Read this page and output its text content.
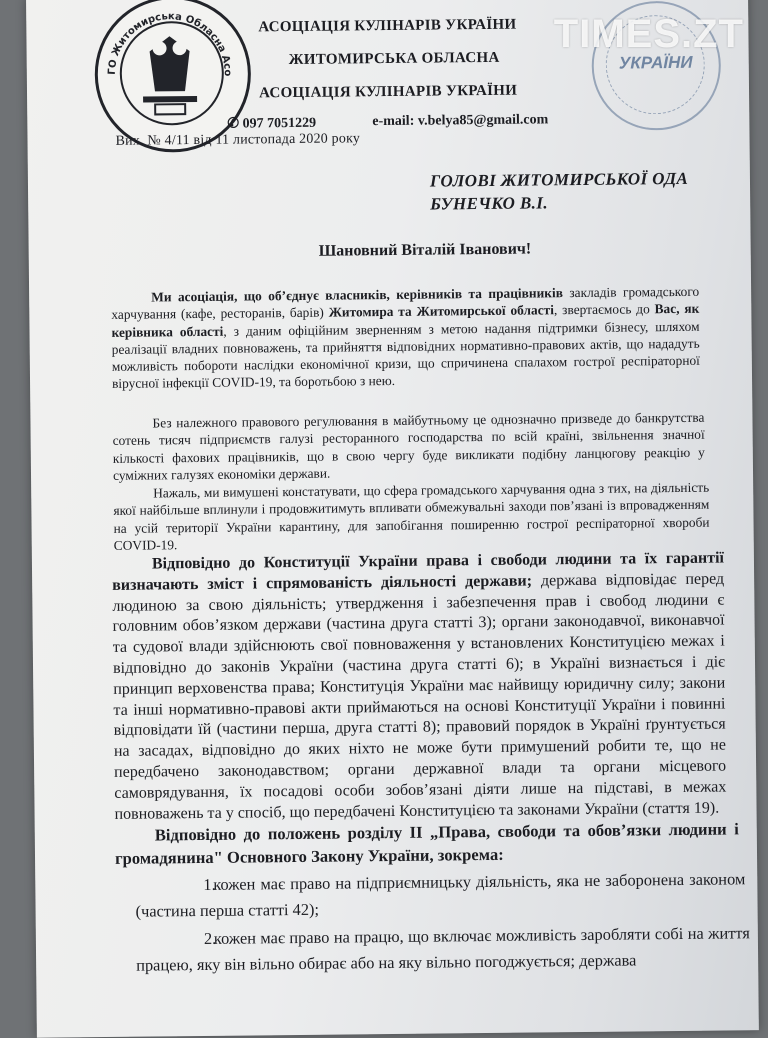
ГО Житомирська Обласна Асоціація
УКРАЇНИ
АСОЦІАЦІЯ КУЛІНАРІВ УКРАЇНИ
ЖИТОМИРСЬКА ОБЛАСНА
АСОЦІАЦІЯ КУЛІНАРІВ УКРАЇНИ
✆ 097 7051229	e-mail: v.belya85@gmail.com
Вих. № 4/11 від 11 листопада 2020 року
ГОЛОВІ ЖИТОМИРСЬКОЇ ОДА
БУНЕЧКО В.І.
Шановний Віталій Іванович!
Ми асоціація, що об’єднує власників, керівників та працівників закладів громадського харчування (кафе, ресторанів, барів) Житомира та Житомирської області, звертаємось до Вас, як керівника області, з даним офіційним зверненням з метою надання підтримки бізнесу, шляхом реалізації владних повноважень, та прийняття відповідних нормативно-правових актів, що нададуть можливість побороти наслідки економічної кризи, що спричинена спалахом гострої респіраторної вірусної інфекції COVID-19, та боротьбою з нею.
Без належного правового регулювання в майбутньому це однозначно призведе до банкрутства сотень тисяч підприємств галузі ресторанного господарства по всій країні, звільнення значної кількості фахових працівників, що в свою чергу буде викликати подібну ланцюгову реакцію у суміжних галузях економіки держави.
Нажаль, ми вимушені констатувати, що сфера громадського харчування одна з тих, на діяльність якої найбільше вплинули і продовжитимуть впливати обмежувальні заходи пов’язані із впровадженням на усій території України карантину, для запобігання поширенню гострої респіраторної хвороби COVID-19.
Відповідно до Конституції України права і свободи людини та їх гарантії визначають зміст і спрямованість діяльності держави; держава відповідає перед людиною за свою діяльність; утвердження і забезпечення прав і свобод людини є головним обов’язком держави (частина друга статті 3); органи законодавчої, виконавчої та судової влади здійснюють свої повноваження у встановлених Конституцією межах і відповідно до законів України (частина друга статті 6); в Україні визнається і діє принцип верховенства права; Конституція України має найвищу юридичну силу; закони та інші нормативно-правові акти приймаються на основі Конституції України і повинні відповідати їй (частини перша, друга статті 8); правовий порядок в Україні ґрунтується на засадах, відповідно до яких ніхто не може бути примушений робити те, що не передбачено законодавством; органи державної влади та органи місцевого самоврядування, їх посадові особи зобов’язані діяти лише на підставі, в межах повноважень та у спосіб, що передбачені Конституцією та законами України (стаття 19).
Відповідно до положень розділу ІІ „Права, свободи та обов’язки людини і громадянина" Основного Закону України, зокрема:
1.
кожен має право на підприємницьку діяльність, яка не заборонена законом (частина перша статті 42);
2.
кожен має право на працю, що включає можливість заробляти собі на життя працею, яку він вільно обирає або на яку вільно погоджується; держава
TIMES.ZT
